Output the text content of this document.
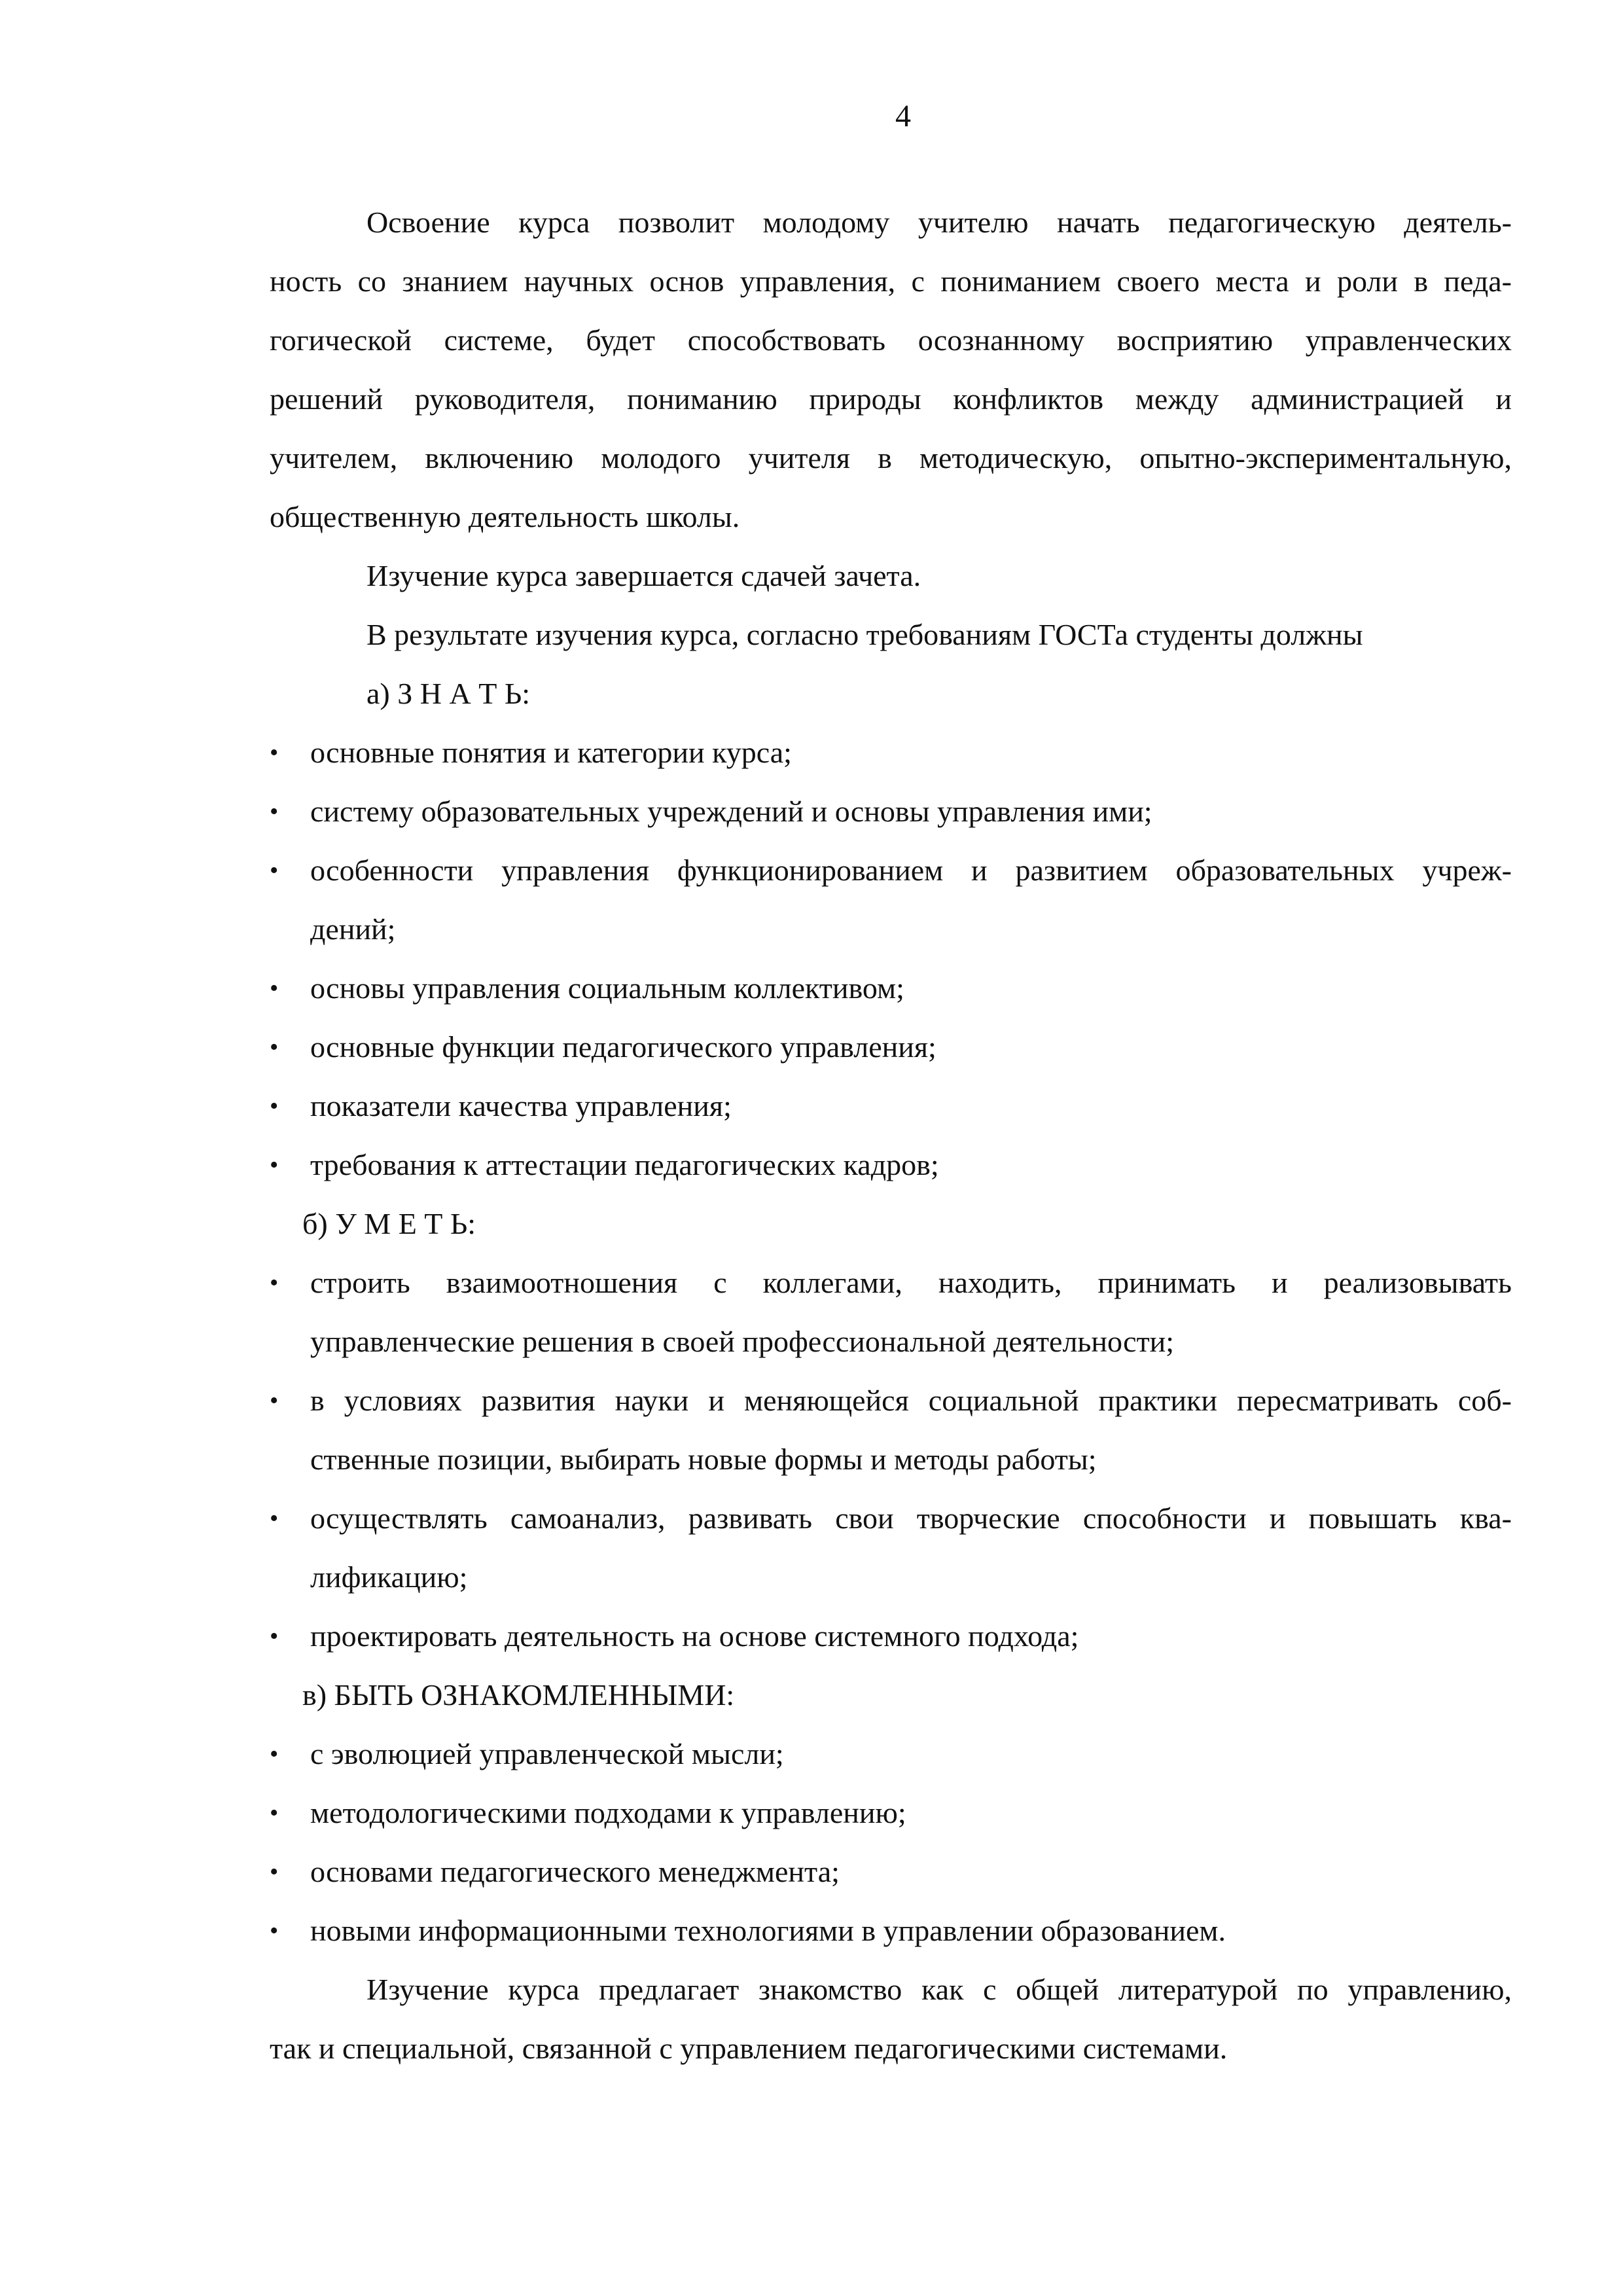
4
Освоение курса позволит молодому учителю начать педагогическую деятель-
ность со знанием научных основ управления, с пониманием своего места и роли в педа-
гогической системе, будет способствовать осознанному восприятию управленческих
решений руководителя, пониманию природы конфликтов между администрацией и
учителем, включению молодого учителя в методическую, опытно-экспериментальную,
общественную деятельность школы.
Изучение курса завершается сдачей зачета.
В результате изучения курса, согласно требованиям ГОСТа студенты должны
а) З Н А Т Ь:
•	основные понятия и категории курса;
•	систему образовательных учреждений и основы управления ими;
•	особенности управления функционированием и развитием образовательных учреж-
дений;
•	основы управления социальным коллективом;
•	основные функции педагогического управления;
•	показатели качества управления;
•	требования к аттестации педагогических кадров;
б) У М Е Т Ь:
•	строить взаимоотношения с коллегами, находить, принимать и реализовывать
управленческие решения в своей профессиональной деятельности;
•	в условиях развития науки и меняющейся социальной практики пересматривать соб-
ственные позиции, выбирать новые формы и методы работы;
•	осуществлять самоанализ, развивать свои творческие способности и повышать ква-
лификацию;
•	проектировать деятельность на основе системного подхода;
в) БЫТЬ ОЗНАКОМЛЕННЫМИ:
•	с эволюцией управленческой мысли;
•	методологическими подходами к управлению;
•	основами педагогического менеджмента;
•	новыми информационными технологиями в управлении образованием.
Изучение курса предлагает знакомство как с общей литературой по управлению,
так и специальной, связанной с управлением педагогическими системами.
